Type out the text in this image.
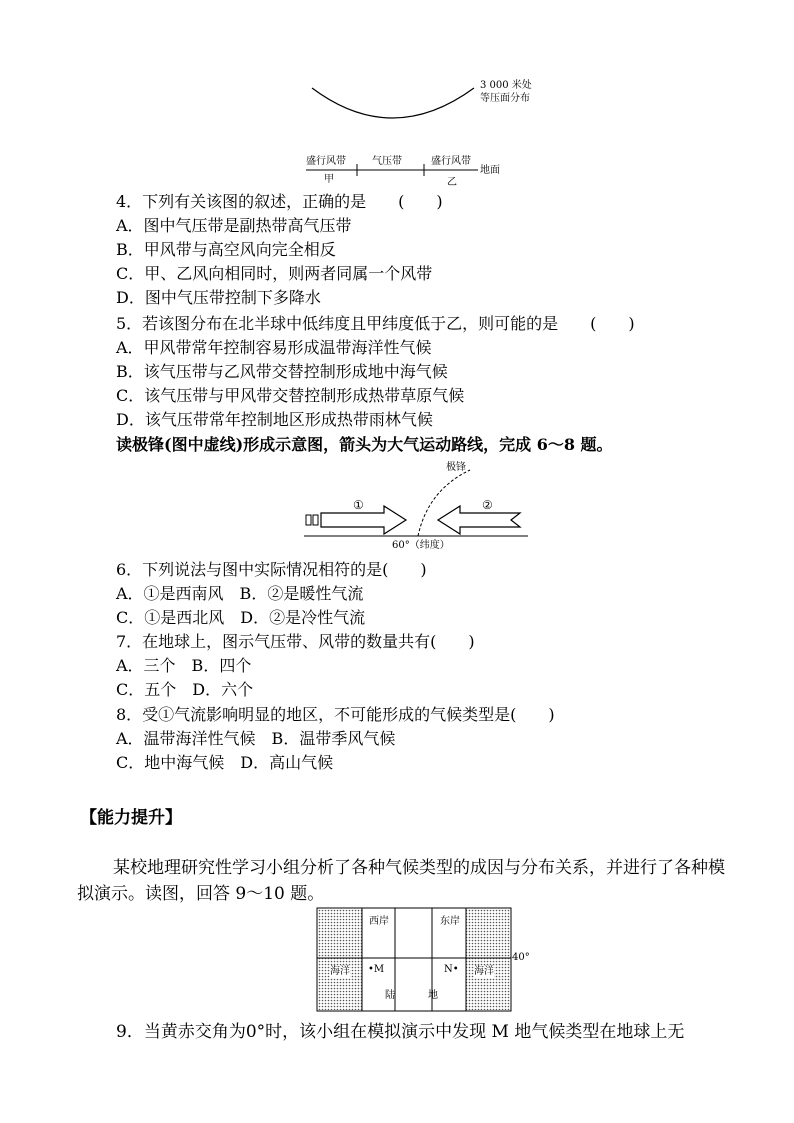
3 000 米处
等压面分布
盛行风带	气压带	盛行风带
地面
甲	乙
4．下列有关该图的叙述，正确的是　　(　　)
A．图中气压带是副热带高气压带
B．甲风带与高空风向完全相反
C．甲、乙风向相同时，则两者同属一个风带
D．图中气压带控制下多降水
5．若该图分布在北半球中低纬度且甲纬度低于乙，则可能的是　　(　　)
A．甲风带常年控制容易形成温带海洋性气候
B．该气压带与乙风带交替控制形成地中海气候
C．该气压带与甲风带交替控制形成热带草原气候
D．该气压带常年控制地区形成热带雨林气候
读极锋(图中虚线)形成示意图，箭头为大气运动路线，完成 6～8 题。
极锋
①	②
60°（纬度）
6．下列说法与图中实际情况相符的是(　　)
A．①是西南风　B．②是暖性气流
C．①是西北风　D．②是冷性气流
7．在地球上，图示气压带、风带的数量共有(　　)
A．三个　B．四个
C．五个　D．六个
8．受①气流影响明显的地区，不可能形成的气候类型是(　　)
A．温带海洋性气候　B．温带季风气候
C．地中海气候　D．高山气候
【能力提升】
某校地理研究性学习小组分析了各种气候类型的成因与分布关系，并进行了各种模拟演示。读图，回答 9～10 题。
西岸	东岸
海洋	海洋
•M	N•
陆	地
40°
9．当黄赤交角为0°时，该小组在模拟演示中发现 M 地气候类型在地球上无
